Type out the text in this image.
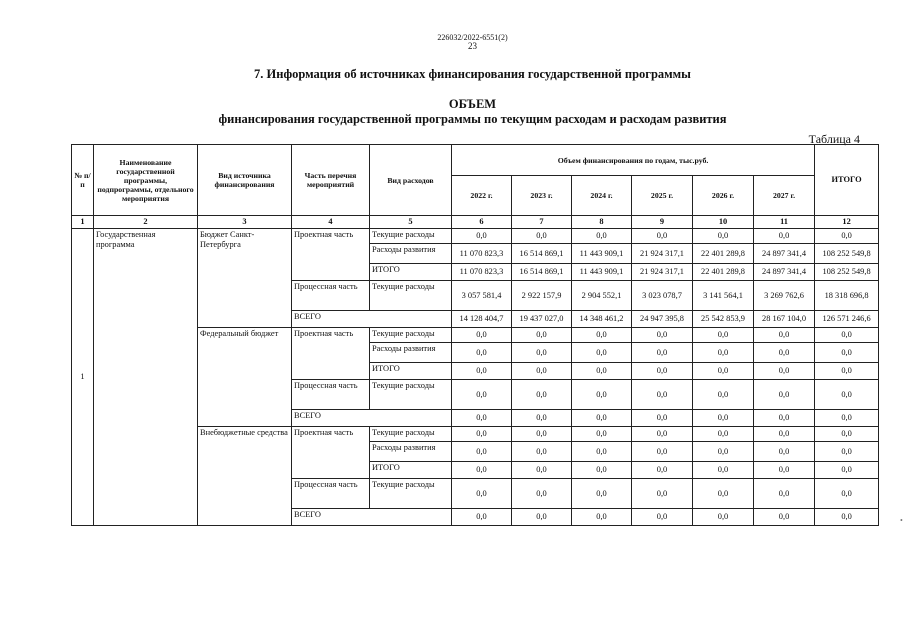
226032/2022-6551(2)
23
7. Информация об источниках финансирования государственной программы
ОБЪЕМ
финансирования государственной программы по текущим расходам и расходам развития
Таблица 4
№ п/п	Наименование государственной программы, подпрограммы, отдельного мероприятия	Вид источника финансирования	Часть перечня мероприятий	Вид расходов	Объем финансирования по годам, тыс.руб.						ИТОГО
					2022 г.	2023 г.	2024 г.	2025 г.	2026 г.	2027 г.	
1	2	3	4	5	6	7	8	9	10	11	12
1	Государственная программа	Бюджет Санкт-Петербурга	Проектная часть	Текущие расходы	0,0	0,0	0,0	0,0	0,0	0,0	0,0
				Расходы развития	11 070 823,3	16 514 869,1	11 443 909,1	21 924 317,1	22 401 289,8	24 897 341,4	108 252 549,8
				ИТОГО	11 070 823,3	16 514 869,1	11 443 909,1	21 924 317,1	22 401 289,8	24 897 341,4	108 252 549,8
			Процессная часть	Текущие расходы	3 057 581,4	2 922 157,9	2 904 552,1	3 023 078,7	3 141 564,1	3 269 762,6	18 318 696,8
			ВСЕГО		14 128 404,7	19 437 027,0	14 348 461,2	24 947 395,8	25 542 853,9	28 167 104,0	126 571 246,6
		Федеральный бюджет	Проектная часть	Текущие расходы	0,0	0,0	0,0	0,0	0,0	0,0	0,0
				Расходы развития	0,0	0,0	0,0	0,0	0,0	0,0	0,0
				ИТОГО	0,0	0,0	0,0	0,0	0,0	0,0	0,0
			Процессная часть	Текущие расходы	0,0	0,0	0,0	0,0	0,0	0,0	0,0
			ВСЕГО		0,0	0,0	0,0	0,0	0,0	0,0	0,0
		Внебюджетные средства	Проектная часть	Текущие расходы	0,0	0,0	0,0	0,0	0,0	0,0	0,0
				Расходы развития	0,0	0,0	0,0	0,0	0,0	0,0	0,0
				ИТОГО	0,0	0,0	0,0	0,0	0,0	0,0	0,0
			Процессная часть	Текущие расходы	0,0	0,0	0,0	0,0	0,0	0,0	0,0
			ВСЕГО		0,0	0,0	0,0	0,0	0,0	0,0	0,0	•
